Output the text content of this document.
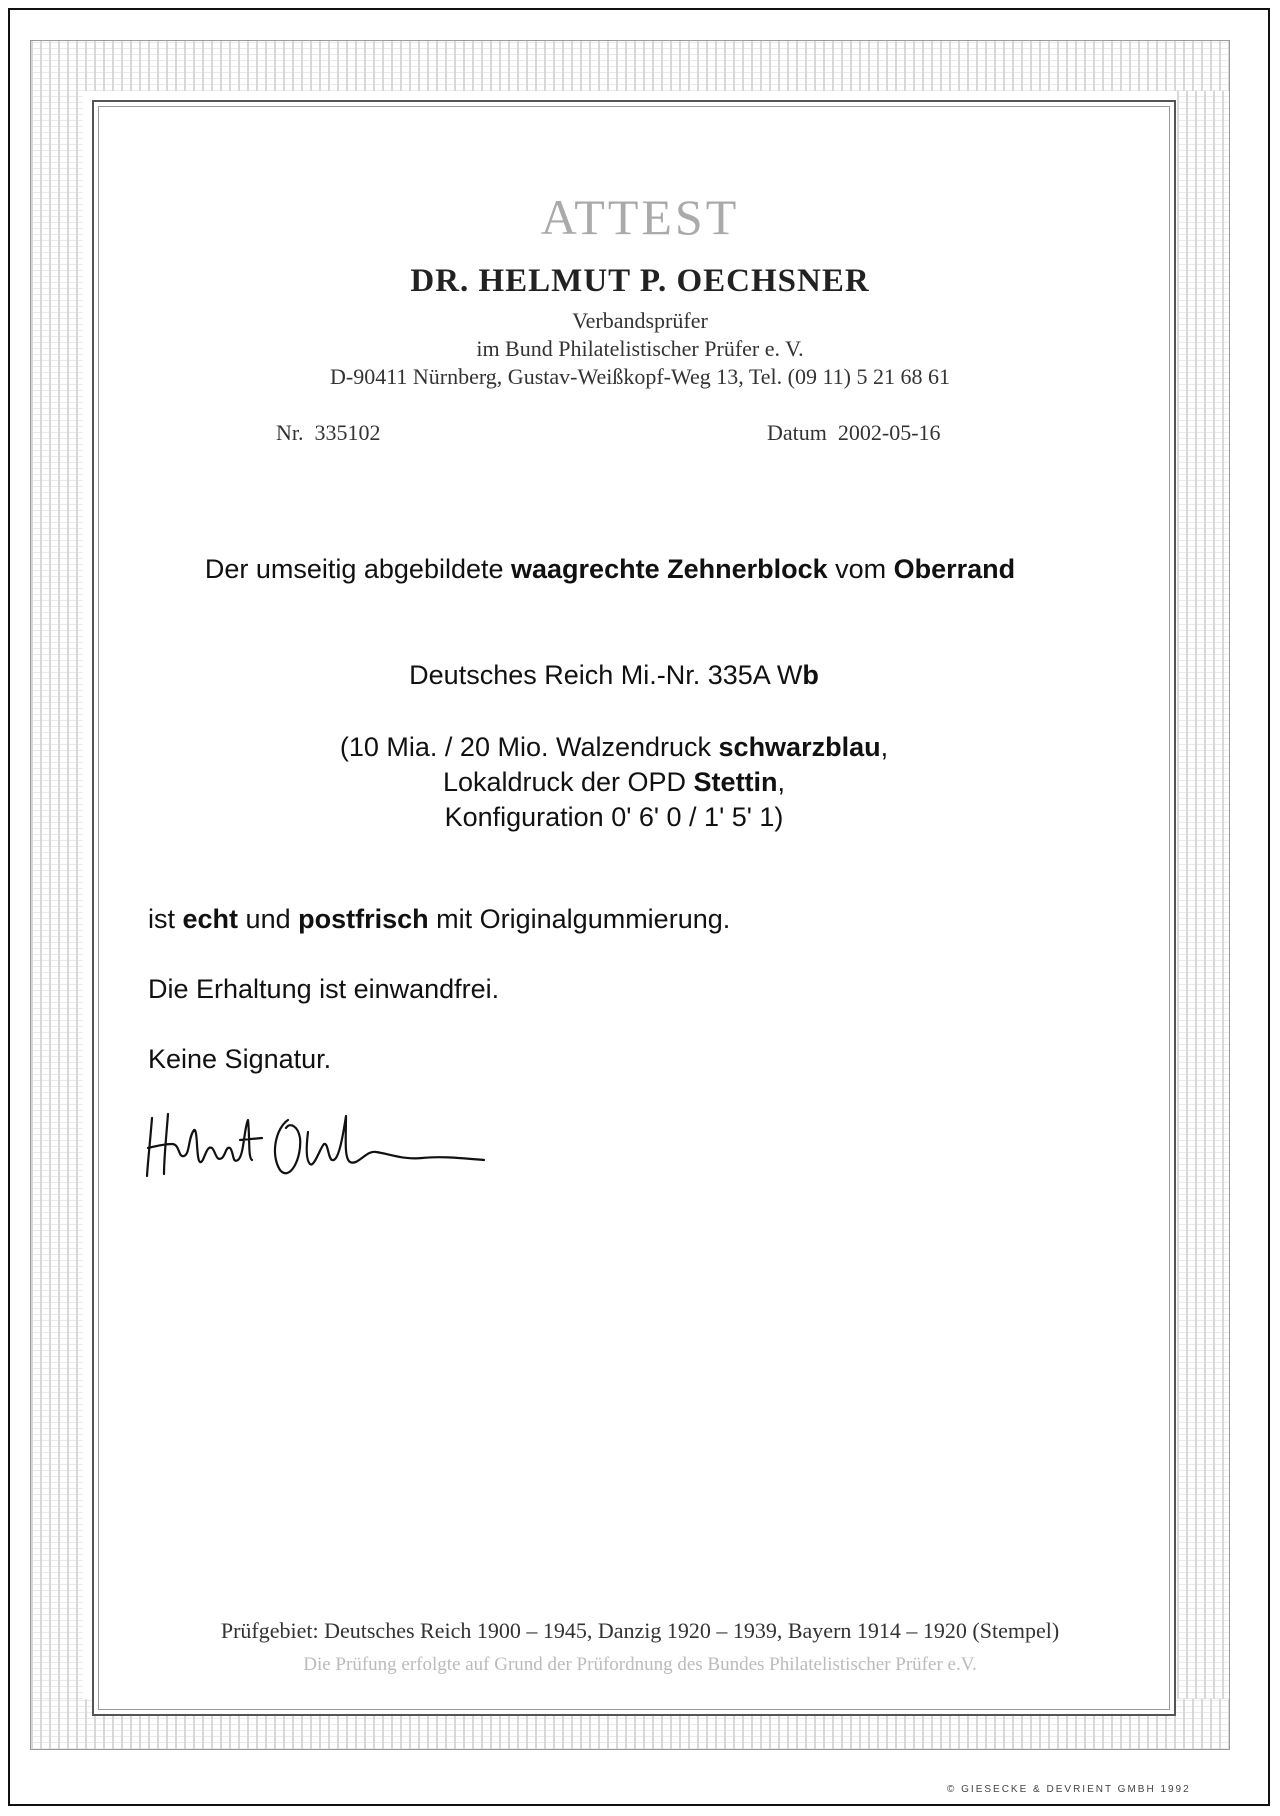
ATTEST
DR. HELMUT P. OECHSNER
Verbandsprüfer
im Bund Philatelistischer Prüfer e. V.
D-90411 Nürnberg, Gustav-Weißkopf-Weg 13, Tel. (09 11) 5 21 68 61
Nr. 335102	Datum 2002-05-16
Der umseitig abgebildete waagrechte Zehnerblock vom Oberrand
Deutsches Reich Mi.-Nr. 335A Wb
(10 Mia. / 20 Mio. Walzendruck schwarzblau,
Lokaldruck der OPD Stettin,
Konfiguration 0' 6' 0 / 1' 5' 1)
ist echt und postfrisch mit Originalgummierung.
Die Erhaltung ist einwandfrei.
Keine Signatur.
Prüfgebiet: Deutsches Reich 1900 – 1945, Danzig 1920 – 1939, Bayern 1914 – 1920 (Stempel)
Die Prüfung erfolgte auf Grund der Prüfordnung des Bundes Philatelistischer Prüfer e.V.
© GIESECKE & DEVRIENT GMBH 1992
